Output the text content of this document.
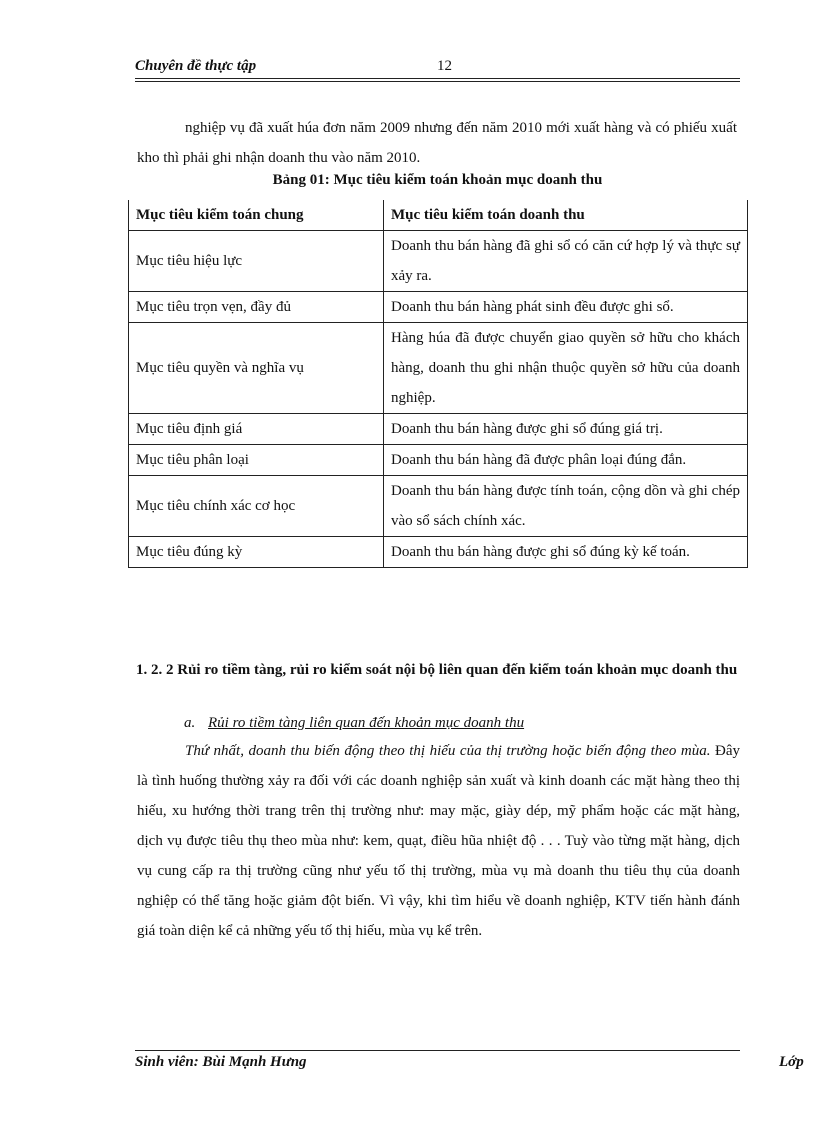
Chuyên đề thực tập	12

nghiệp vụ đã xuất húa đơn năm 2009 nhưng đến năm 2010 mới xuất hàng và có phiếu xuất kho thì phải ghi nhận doanh thu vào năm 2010.

Bảng 01: Mục tiêu kiểm toán khoản mục doanh thu
Mục tiêu kiểm toán chung	Mục tiêu kiểm toán doanh thu
Mục tiêu hiệu lực	Doanh thu bán hàng đã ghi sổ có căn cứ hợp lý và thực sự xảy ra.
Mục tiêu trọn vẹn, đầy đủ	Doanh thu bán hàng phát sinh đều được ghi sổ.
Mục tiêu quyền và nghĩa vụ	Hàng húa đã được chuyển giao quyền sở hữu cho khách hàng, doanh thu ghi nhận thuộc quyền sở hữu của doanh nghiệp.
Mục tiêu định giá	Doanh thu bán hàng được ghi sổ đúng giá trị.
Mục tiêu phân loại	Doanh thu bán hàng đã được phân loại đúng đắn.
Mục tiêu chính xác cơ học	Doanh thu bán hàng được tính toán, cộng dồn và ghi chép vào sổ sách chính xác.
Mục tiêu đúng kỳ	Doanh thu bán hàng được ghi sổ đúng kỳ kế toán.
1. 2. 2 Rủi ro tiềm tàng, rủi ro kiểm soát nội bộ liên quan đến kiểm toán khoản mục doanh thu
a. Rủi ro tiềm tàng liên quan đến khoản mục doanh thu

Thứ nhất, doanh thu biến động theo thị hiếu của thị trường hoặc biến động theo mùa. Đây là tình huống thường xảy ra đối với các doanh nghiệp sản xuất và kinh doanh các mặt hàng theo thị hiếu, xu hướng thời trang trên thị trường như: may mặc, giày dép, mỹ phẩm hoặc các mặt hàng, dịch vụ được tiêu thụ theo mùa như: kem, quạt, điều hũa nhiệt độ . . . Tuỳ vào từng mặt hàng, dịch vụ cung cấp ra thị trường cũng như yếu tố thị trường, mùa vụ mà doanh thu tiêu thụ của doanh nghiệp có thể tăng hoặc giảm đột biến. Vì vậy, khi tìm hiểu về doanh nghiệp, KTV tiến hành đánh giá toàn diện kể cả những yếu tố thị hiếu, mùa vụ kể trên.

Sinh viên: Bùi Mạnh Hưng	Lớp
